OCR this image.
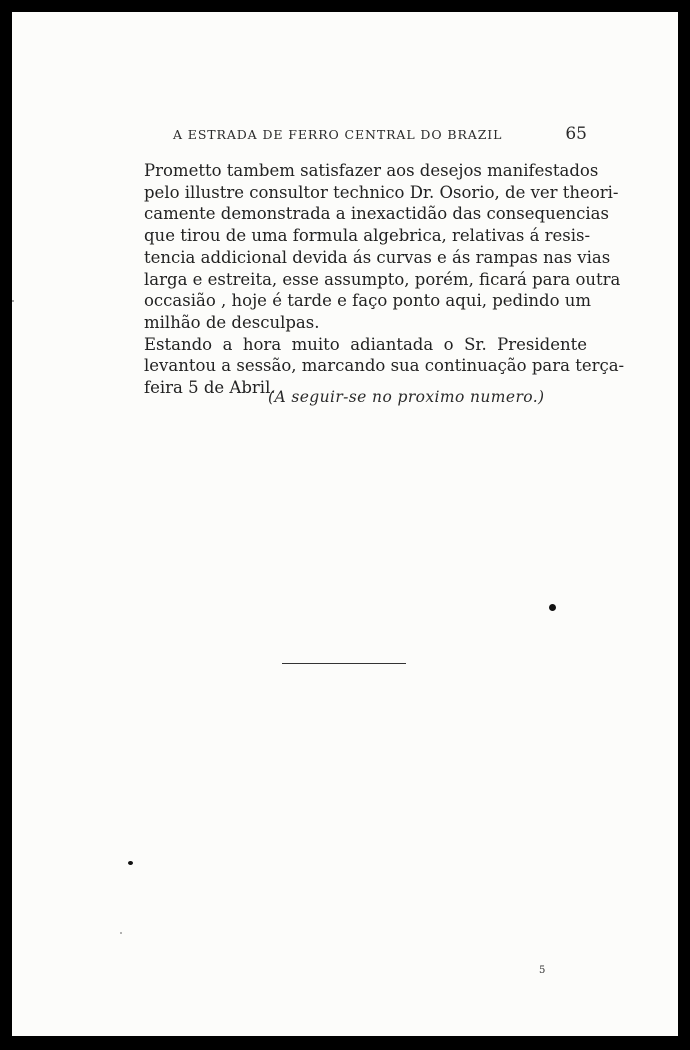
A ESTRADA DE FERRO CENTRAL DO BRAZIL	65

Prometto tambem satisfazer aos desejos manifestados
pelo illustre consultor technico Dr. Osorio, de ver theori-
camente demonstrada a inexactidão das consequencias
que tirou de uma formula algebrica, relativas á resis-
tencia addicional devida ás curvas e ás rampas nas vias
larga e estreita, esse assumpto, porém, ficará para outra
occasião , hoje é tarde e faço ponto aqui, pedindo um
milhão de desculpas.

Estando a hora muito adiantada o Sr. Presidente
levantou a sessão, marcando sua continuação para terça-
feira 5 de Abril.

(A seguir-se no proximo numero.)
5
